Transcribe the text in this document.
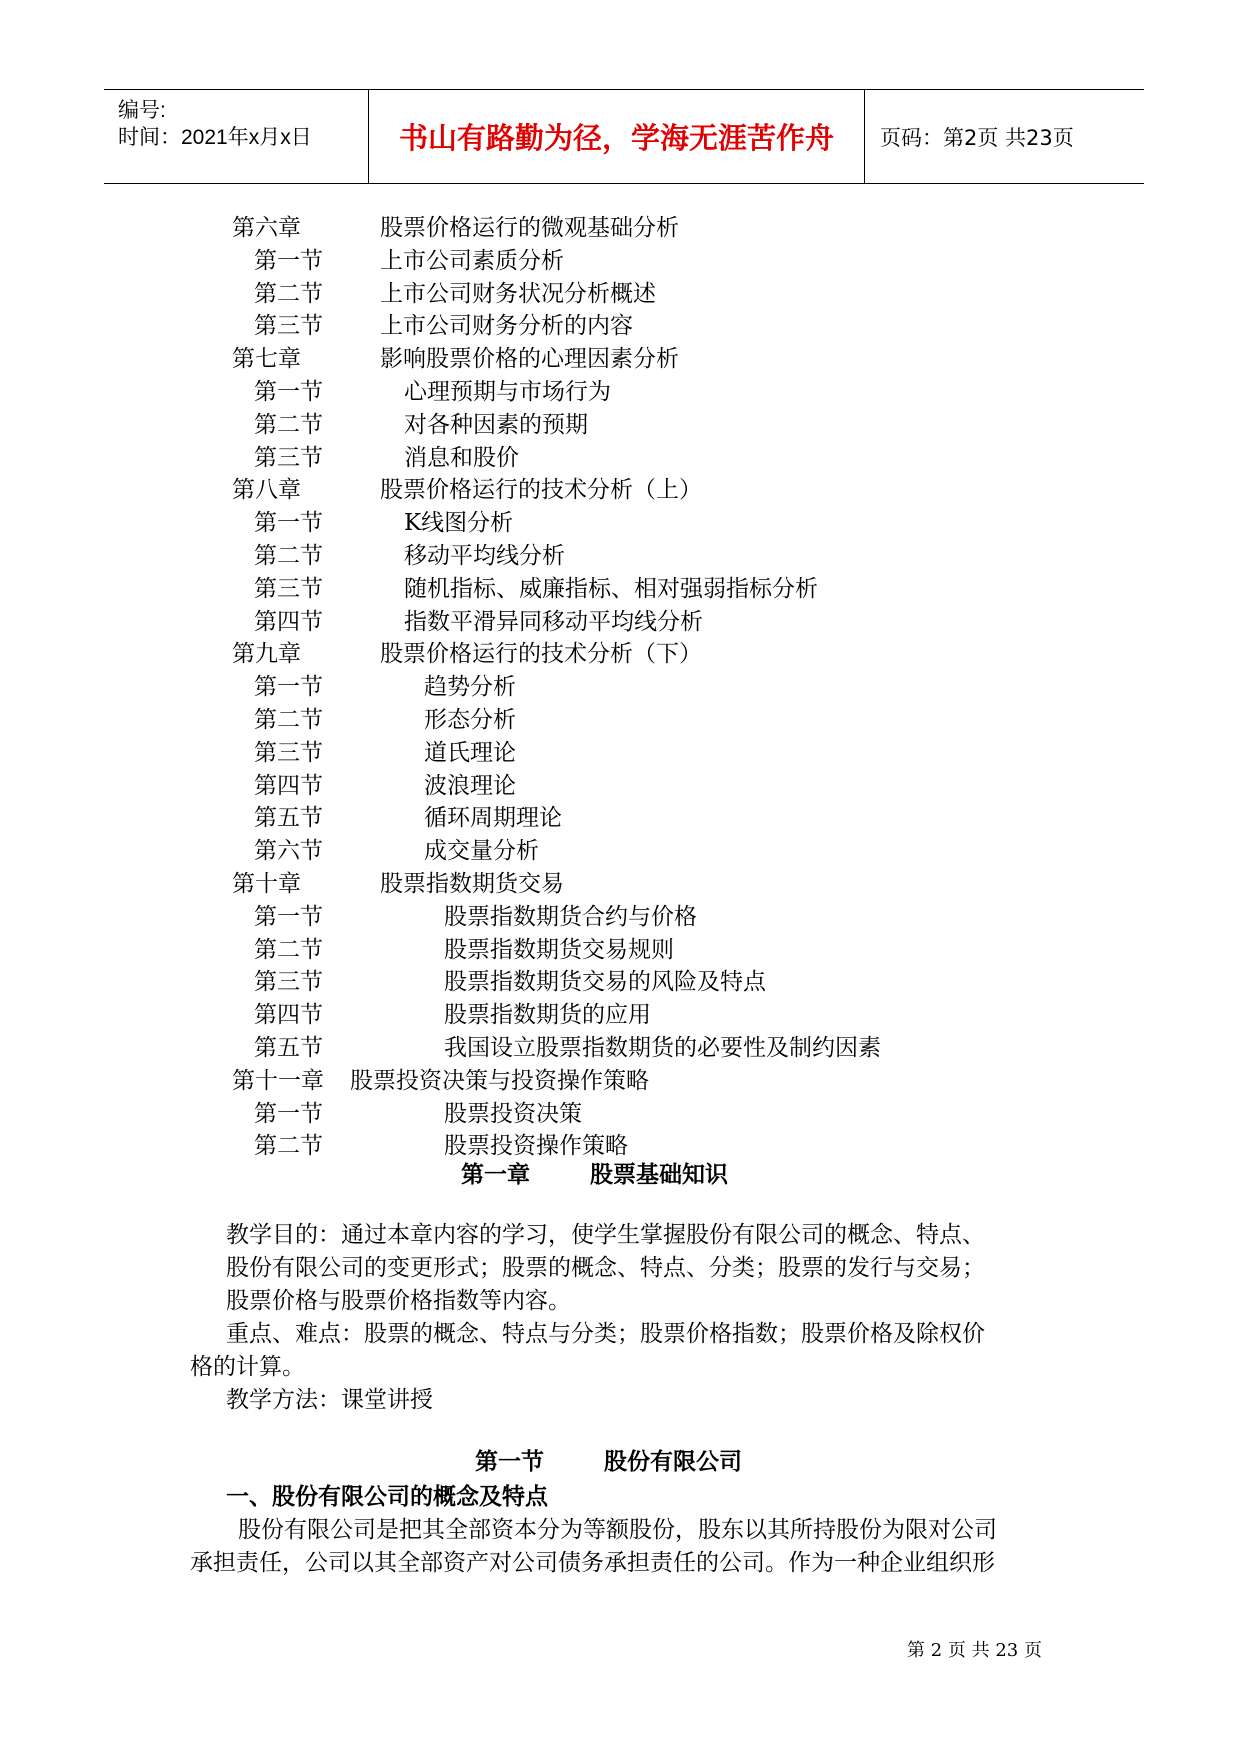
编号:
时间：2021年x月x日	书山有路勤为径，学海无涯苦作舟	页码：第2页 共23页
第六章	股票价格运行的微观基础分析
第一节 上市公司素质分析
第二节 上市公司财务状况分析概述
第三节 上市公司财务分析的内容
第七章	影响股票价格的心理因素分析
第一节	心理预期与市场行为
第二节	对各种因素的预期
第三节	消息和股价
第八章	股票价格运行的技术分析（上）
第一节	K线图分析
第二节	移动平均线分析
第三节	随机指标、威廉指标、相对强弱指标分析
第四节	指数平滑异同移动平均线分析
第九章	股票价格运行的技术分析（下）
第一节	趋势分析
第二节	形态分析
第三节	道氏理论
第四节	波浪理论
第五节	循环周期理论
第六节	成交量分析
第十章	股票指数期货交易
第一节	股票指数期货合约与价格
第二节	股票指数期货交易规则
第三节	股票指数期货交易的风险及特点
第四节	股票指数期货的应用
第五节	我国设立股票指数期货的必要性及制约因素
第十一章 股票投资决策与投资操作策略
第一节	股票投资决策
第二节	股票投资操作策略
第一章	股票基础知识
教学目的：通过本章内容的学习，使学生掌握股份有限公司的概念、特点、
股份有限公司的变更形式；股票的概念、特点、分类；股票的发行与交易；
股票价格与股票价格指数等内容。
重点、难点：股票的概念、特点与分类；股票价格指数；股票价格及除权价
格的计算。
教学方法：课堂讲授
第一节	股份有限公司
一、股份有限公司的概念及特点
股份有限公司是把其全部资本分为等额股份，股东以其所持股份为限对公司
承担责任，公司以其全部资产对公司债务承担责任的公司。作为一种企业组织形
第 2 页 共 23 页
